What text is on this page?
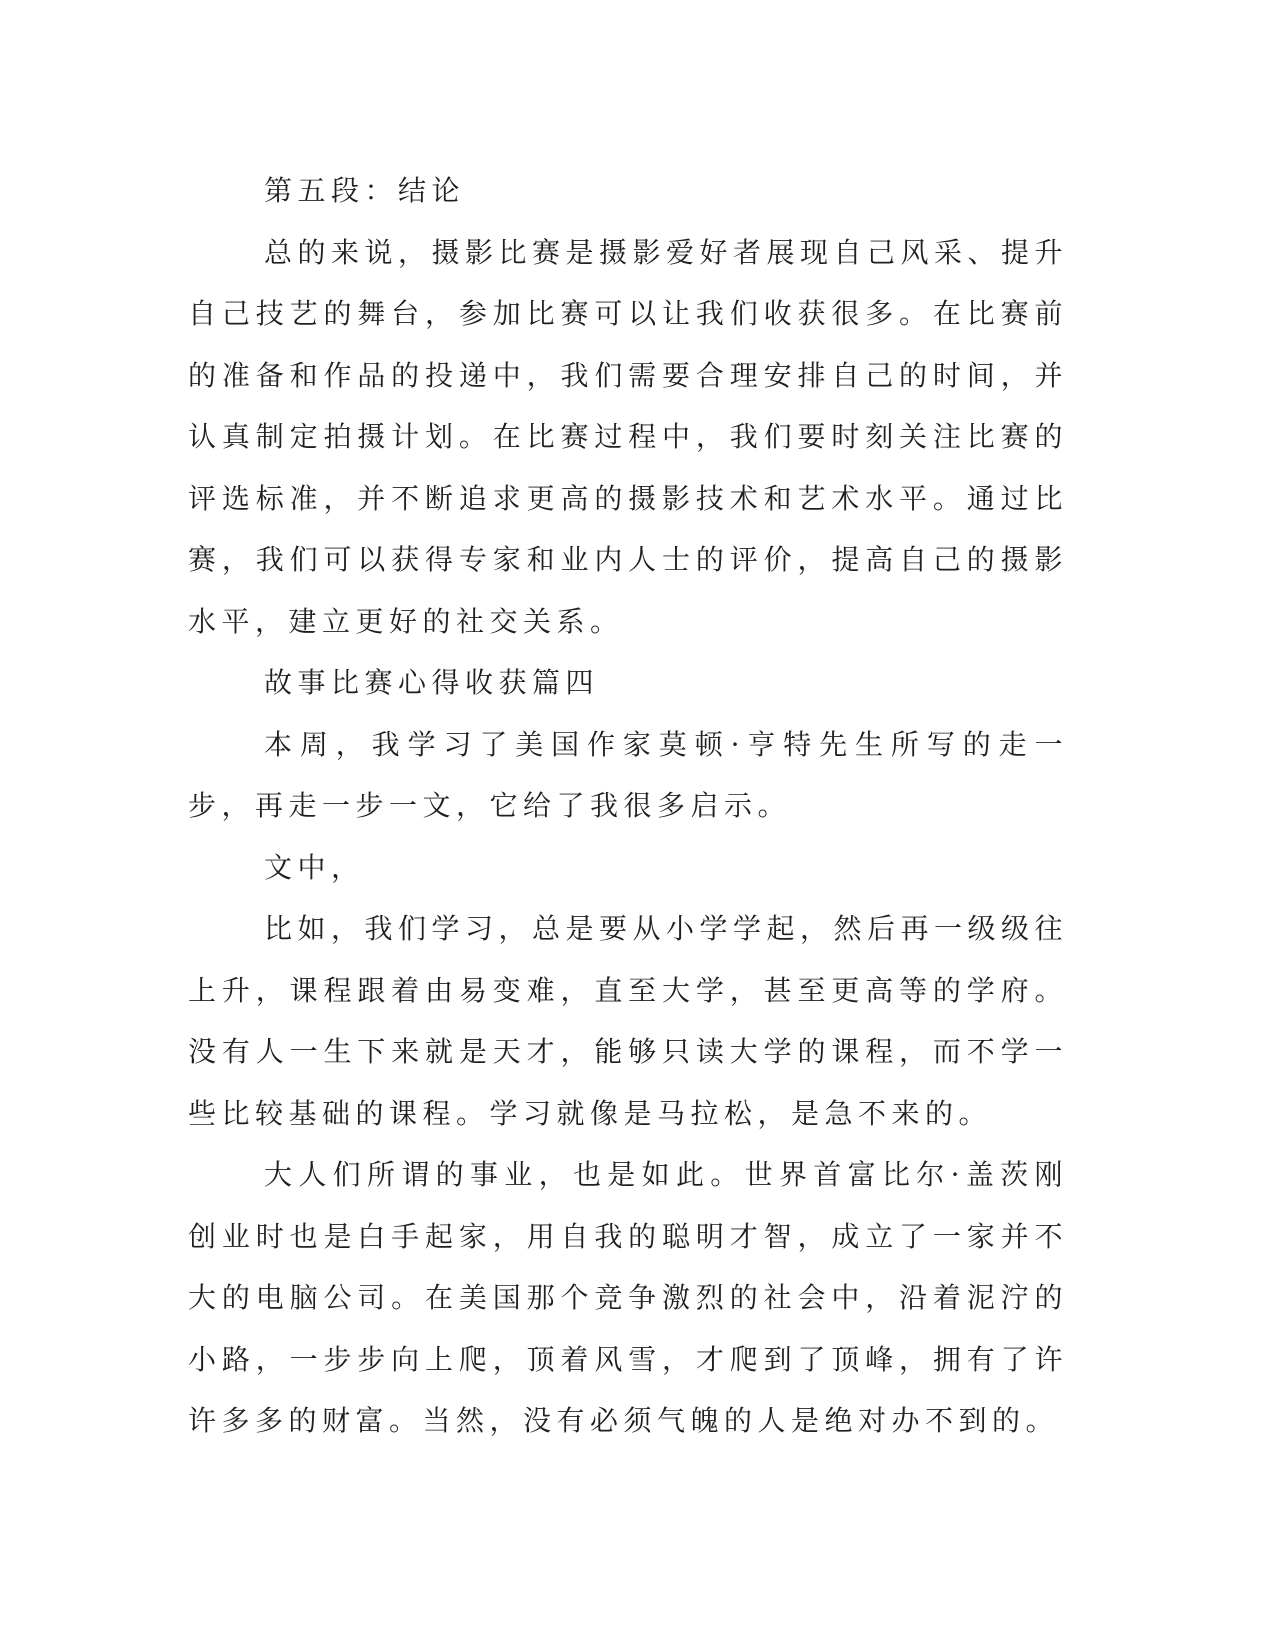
第五段：结论

总的来说，摄影比赛是摄影爱好者展现自己风采、提升自己技艺的舞台，参加比赛可以让我们收获很多。在比赛前的准备和作品的投递中，我们需要合理安排自己的时间，并认真制定拍摄计划。在比赛过程中，我们要时刻关注比赛的评选标准，并不断追求更高的摄影技术和艺术水平。通过比赛，我们可以获得专家和业内人士的评价，提高自己的摄影水平，建立更好的社交关系。

故事比赛心得收获篇四

本周，我学习了美国作家莫顿·亨特先生所写的走一步，再走一步一文，它给了我很多启示。

文中，

比如，我们学习，总是要从小学学起，然后再一级级往上升，课程跟着由易变难，直至大学，甚至更高等的学府。没有人一生下来就是天才，能够只读大学的课程，而不学一些比较基础的课程。学习就像是马拉松，是急不来的。

大人们所谓的事业，也是如此。世界首富比尔·盖茨刚创业时也是白手起家，用自我的聪明才智，成立了一家并不大的电脑公司。在美国那个竞争激烈的社会中，沿着泥泞的小路，一步步向上爬，顶着风雪，才爬到了顶峰，拥有了许许多多的财富。当然，没有必须气魄的人是绝对办不到的。
